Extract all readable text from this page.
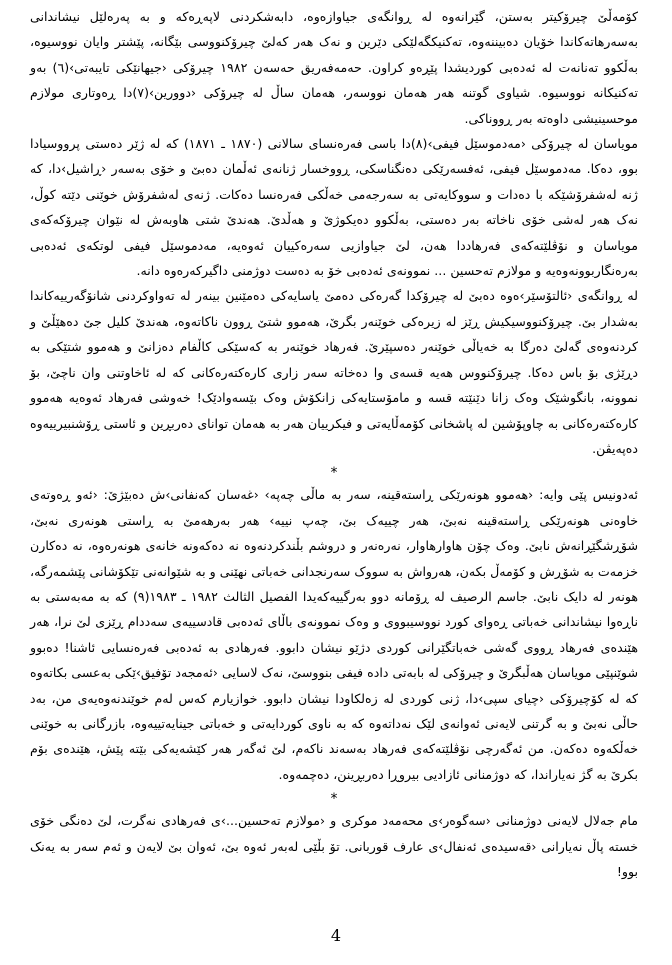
کۆمەڵێ چیرۆکیتر بەستن، گێرانەوە لە ڕوانگەی جیاوازەوە، دابەشکردنی لاپەڕەکە و بە پەرەلێل نیشاندانی بەسەرهاتەکاندا خۆیان دەبیننەوە، تەکنیکگەلێکی دێرین و نەک هەر کەلێ چیرۆکنووسی بێگانە، پێشتر وایان نووسیوە، بەڵکوو تەنانەت لە ئەدەبی کوردیشدا پێڕەو کراون. حەمەفەریق حەسەن ١٩٨٢ چیرۆکی ‹جیهانێکی تایبەتی›(٦) بەو تەکنیکانە نووسیوە. شیاوی گوتنە هەر هەمان نووسەر، هەمان ساڵ لە چیرۆکی ‹دوورین›(٧)دا ڕەوتاری مولازم موحسینیشی داوەتە بەر ڕووناکی.

مویاسان لە چیرۆکی ‹مەدموسێل فیفی›(٨)دا باسی فەرەنسای سالانی (١٨٧٠ ـ ١٨٧١) کە لە ژێر دەستی پرووسیادا بوو، دەکا. مەدموسێل فیفی، ئەفسەرێکی دەنگناسکی، ڕووخسار ژنانەی ئەڵمان دەبێ و خۆی بەسەر ‹ڕاشیل›دا، کە ژنە لەشفرۆشێکە با دەدات و سووکایەتی بە سەرجەمی خەڵکی فەرەنسا دەکات. ژنەی لەشفرۆش خوێنی دێتە کوڵ، نەک هەر لەشی خۆی ناخاتە بەر دەستی، بەڵکوو دەیکوژێ و هەڵدێ. هەندێ شتی هاوبەش لە نێوان چیرۆکەکەی مویاسان و نۆڤلێتەکەی فەرهاددا هەن، لێ جیاوازیی سەرەکییان ئەوەیە، مەدموسێل فیفی لوتکەی ئەدەبی بەرەنگاربوونەوەیە و مولازم تەحسین ... نموونەی ئەدەبی خۆ بە دەست دوژمنی داگیرکەرەوە دانە.

لە ڕوانگەی ‹ئالتۆسێر›ەوە دەبێ لە چیرۆکدا گەرەکی دەمێ یاسایەکی دەمێنین بینەر لە تەواوکردنی شانۆگەرییەکاندا بەشدار بێ. چیرۆکنووسیکیش ڕێز لە زیرەکی خوێنەر بگرێ، هەموو شتێ ڕوون ناکاتەوە، هەندێ کلیل جێ دەهێڵێ و کردنەوەی گەلێ دەرگا بە خەیاڵی خوێنەر دەسپێرێ. فەرهاد خوێنەر بە کەسێکی کاڵفام دەزانێ و هەموو شتێکی بە دڕێژی بۆ باس دەکا. چیرۆکنووس هەیە قسەی وا دەخاتە سەر زاری کارەکتەرەکانی کە لە ئاخاوتنی وان ناچێ، بۆ نموونە، بانگوشێک وەک زانا دێنێتە قسە و مامۆستایەکی زانکۆش وەک بێسەوادێک! خەوشی فەرهاد ئەوەیە هەموو کارەکتەرەکانی بە چاوپۆشین لە پاشخانی کۆمەڵایەتی و فیکرییان هەر بە هەمان توانای دەربڕین و ئاستی ڕۆشنبیرییەوە دەپەیڤن.

*

ئەدونیس پێی وایە: ‹هەموو هونەرێکی ڕاستەقینە، سەر بە ماڵی چەپە› ‹غەسان کەنفانی›ش دەبێژێ: ‹ئەو ڕەوتەی خاوەنی هونەرێکی ڕاستەقینە نەبێ، هەر چییەک بێ، چەپ نییە› هەر بەرهەمێ بە ڕاستی هونەری نەبێ، شۆڕشگێڕانەش نابێ. وەک چۆن هاوارهاوار، نەرەنەر و دروشم بڵندکردنەوە نە دەکەونە خانەی هونەرەوە، نە دەکارن خزمەت بە شۆڕش و کۆمەڵ بکەن، هەرواش بە سووک سەرنجدانی خەباتی نهێنی و بە شێوانەنی تێکۆشانی پێشمەرگە، هونەر لە دایک نابێ. جاسم الرصیف لە ڕۆمانە دوو بەرگییەکەیدا الفصیل الثالث ١٩٨٢ ـ ١٩٨٣(٩) کە بە مەبەستی بە ناڕەوا نیشاندانی خەباتی ڕەوای کورد نووسیبووی و وەک نموونەی باڵای ئەدەبی قادسییەی سەددام ڕێزی لێ نرا، هەر هێندەی فەرهاد ڕووی گەشی خەباتگێرانی کوردی دژێو نیشان دابوو. فەرهادی بە ئەدەبی فەرەنسایی ئاشنا! دەبوو شوێنپێی مویاسان هەڵبگرێ و چیرۆکی لە بابەتی دادە فیفی بنووسێ، نەک لاسایی ‹ئەمجەد تۆفیق›ێکی بەعسی بکاتەوە کە لە کۆچیرۆکی ‹چیای سپی›دا، ژنی کوردی لە زەلکاودا نیشان دابوو. خوازیارم کەس لەم خوێندنەوەیەی من، بەد حاڵی نەبێ و بە گرتنی لایەنی ئەوانەی لێک نەداتەوە کە بە ناوی کوردایەتی و خەباتی جینایەتییەوە، بازرگانی بە خوێنی خەڵکەوە دەکەن. من ئەگەرچی نۆڤلێتەکەی فەرهاد بەسەند ناکەم، لێ ئەگەر هەر کێشەیەکی بێتە پێش، هێندەی بۆم بکرێ بە گژ نەیاراندا، کە دوژمنانی ئازادیی بیروڕا دەربڕینن، دەچمەوە.

*

مام جەلال لایەنی دوژمنانی ‹سەگوەر›ی محەمەد موکری و ‹مولازم تەحسین...›ی فەرهادی نەگرت، لێ دەنگی خۆی خستە پاڵ نەیارانی ‹قەسیدەی ئەنفال›ی عارف قوربانی. تۆ بڵێی لەبەر ئەوە بێ، ئەوان بێ لایەن و ئەم سەر بە یەنک بوو!

4
